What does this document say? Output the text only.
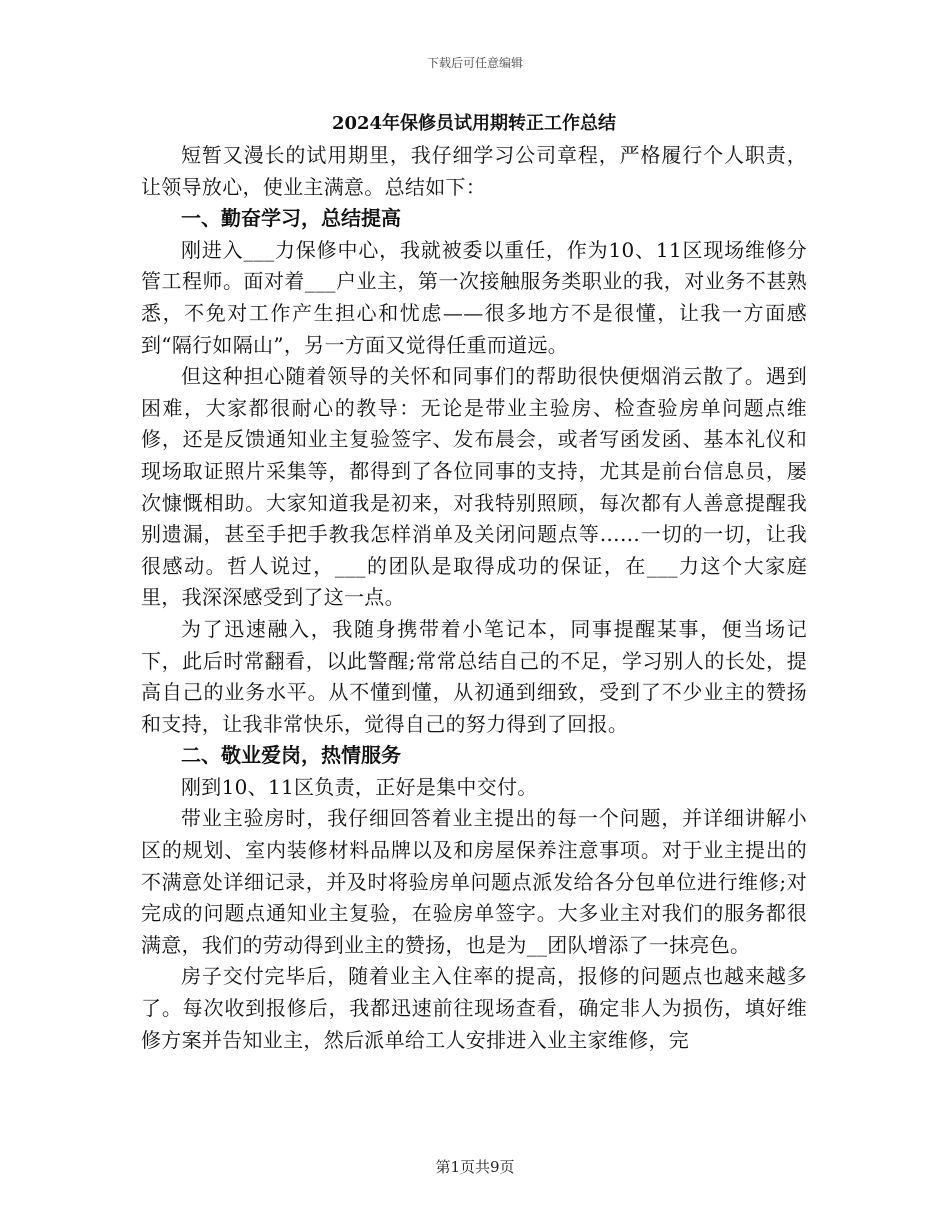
下载后可任意编辑
2024年保修员试用期转正工作总结

短暂又漫长的试用期里，我仔细学习公司章程，严格履行个人职责，让领导放心，使业主满意。总结如下：

一、勤奋学习，总结提高

刚进入___力保修中心，我就被委以重任，作为10、11区现场维修分管工程师。面对着___户业主，第一次接触服务类职业的我，对业务不甚熟悉，不免对工作产生担心和忧虑——很多地方不是很懂，让我一方面感到“隔行如隔山”，另一方面又觉得任重而道远。

但这种担心随着领导的关怀和同事们的帮助很快便烟消云散了。遇到困难，大家都很耐心的教导：无论是带业主验房、检查验房单问题点维修，还是反馈通知业主复验签字、发布晨会，或者写函发函、基本礼仪和现场取证照片采集等，都得到了各位同事的支持，尤其是前台信息员，屡次慷慨相助。大家知道我是初来，对我特别照顾，每次都有人善意提醒我别遗漏，甚至手把手教我怎样消单及关闭问题点等……一切的一切，让我很感动。哲人说过，___的团队是取得成功的保证，在___力这个大家庭里，我深深感受到了这一点。

为了迅速融入，我随身携带着小笔记本，同事提醒某事，便当场记下，此后时常翻看，以此警醒;常常总结自己的不足，学习别人的长处，提高自己的业务水平。从不懂到懂，从初通到细致，受到了不少业主的赞扬和支持，让我非常快乐，觉得自己的努力得到了回报。

二、敬业爱岗，热情服务

刚到10、11区负责，正好是集中交付。

带业主验房时，我仔细回答着业主提出的每一个问题，并详细讲解小区的规划、室内装修材料品牌以及和房屋保养注意事项。对于业主提出的不满意处详细记录，并及时将验房单问题点派发给各分包单位进行维修;对完成的问题点通知业主复验，在验房单签字。大多业主对我们的服务都很满意，我们的劳动得到业主的赞扬，也是为__团队增添了一抹亮色。

房子交付完毕后，随着业主入住率的提高，报修的问题点也越来越多了。每次收到报修后，我都迅速前往现场查看，确定非人为损伤，填好维修方案并告知业主，然后派单给工人安排进入业主家维修，完

第1页共9页
